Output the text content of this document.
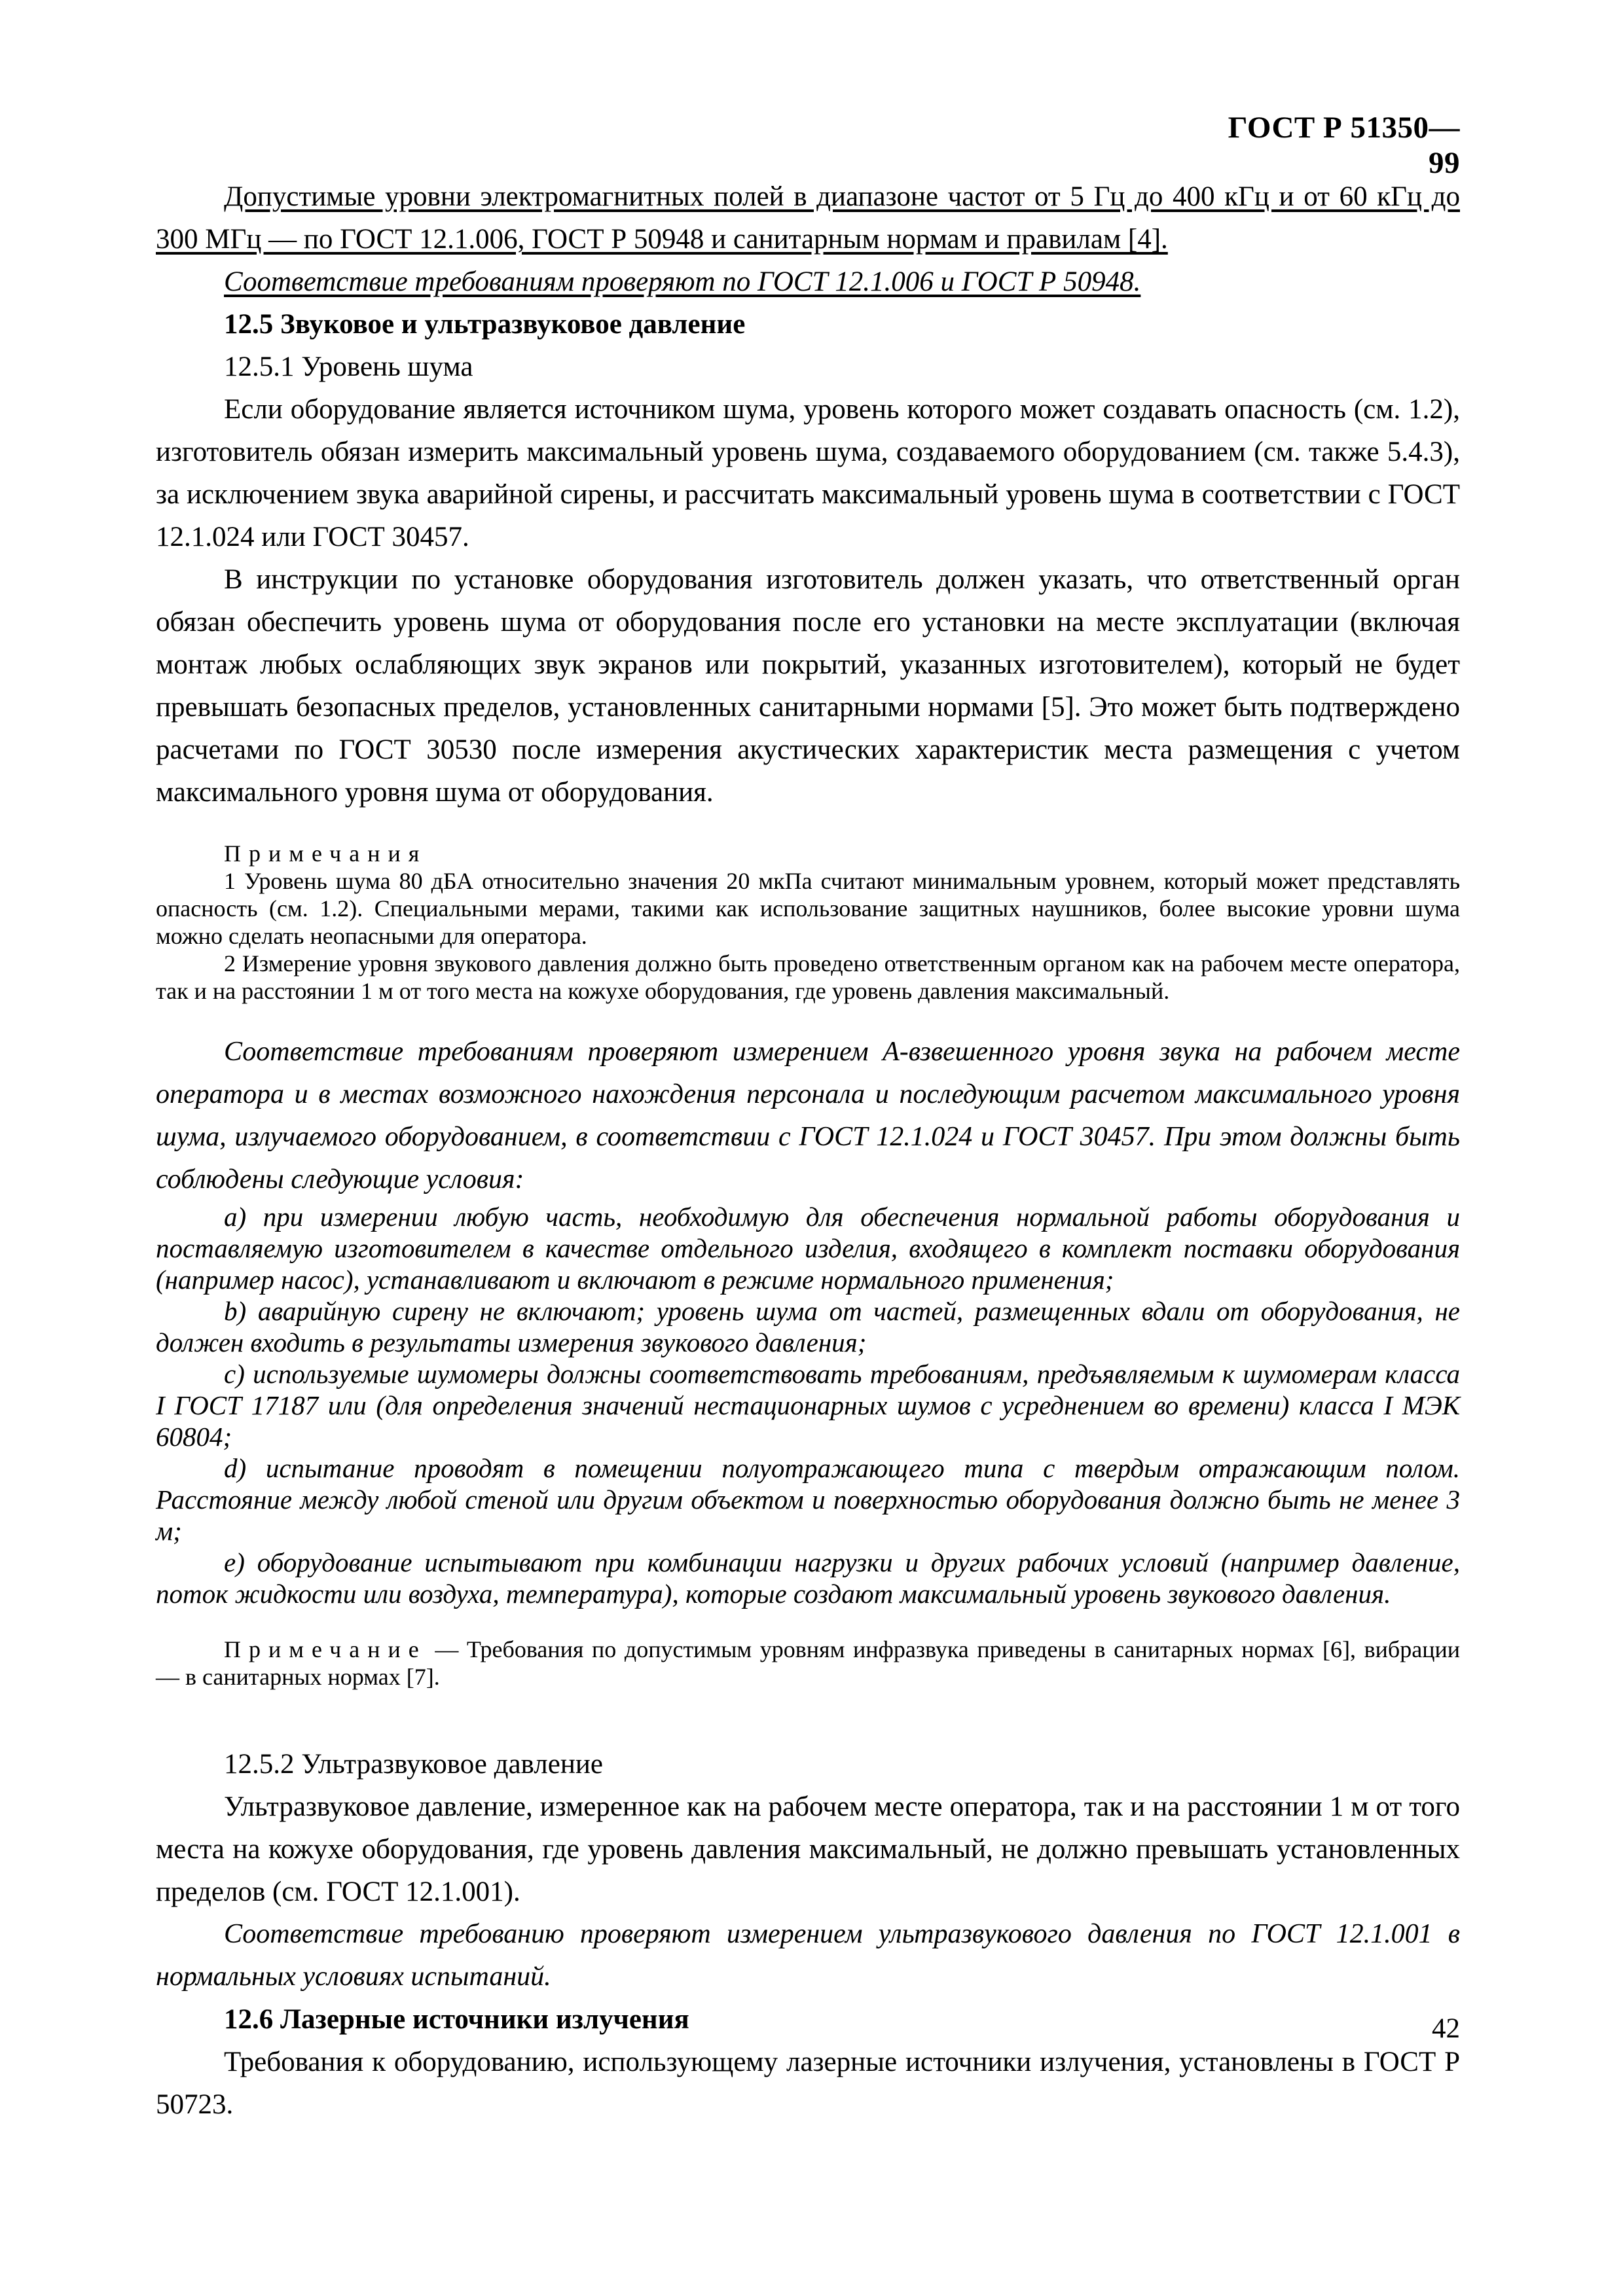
ГОСТ Р 51350—99

Допустимые уровни электромагнитных полей в диапазоне частот от 5 Гц до 400 кГц и от 60 кГц до 300 МГц — по ГОСТ 12.1.006, ГОСТ Р 50948 и санитарным нормам и правилам [4].

Соответствие требованиям проверяют по ГОСТ 12.1.006 и ГОСТ Р 50948.

12.5 Звуковое и ультразвуковое давление

12.5.1 Уровень шума

Если оборудование является источником шума, уровень которого может создавать опасность (см. 1.2), изготовитель обязан измерить максимальный уровень шума, создаваемого оборудованием (см. также 5.4.3), за исключением звука аварийной сирены, и рассчитать максимальный уровень шума в соответствии с ГОСТ 12.1.024 или ГОСТ 30457.

В инструкции по установке оборудования изготовитель должен указать, что ответственный орган обязан обеспечить уровень шума от оборудования после его установки на месте эксплуатации (включая монтаж любых ослабляющих звук экранов или покрытий, указанных изготовителем), который не будет превышать безопасных пределов, установленных санитарными нормами [5]. Это может быть подтверждено расчетами по ГОСТ 30530 после измерения акустических характеристик места размещения с учетом максимального уровня шума от оборудования.

Примечания

1 Уровень шума 80 дБА относительно значения 20 мкПа считают минимальным уровнем, который может представлять опасность (см. 1.2). Специальными мерами, такими как использование защитных наушников, более высокие уровни шума можно сделать неопасными для оператора.

2 Измерение уровня звукового давления должно быть проведено ответственным органом как на рабочем месте оператора, так и на расстоянии 1 м от того места на кожухе оборудования, где уровень давления максимальный.

Соответствие требованиям проверяют измерением А-взвешенного уровня звука на рабочем месте оператора и в местах возможного нахождения персонала и последующим расчетом максимального уровня шума, излучаемого оборудованием, в соответствии с ГОСТ 12.1.024 и ГОСТ 30457. При этом должны быть соблюдены следующие условия:

a) при измерении любую часть, необходимую для обеспечения нормальной работы оборудования и поставляемую изготовителем в качестве отдельного изделия, входящего в комплект поставки оборудования (например насос), устанавливают и включают в режиме нормального применения;

b) аварийную сирену не включают; уровень шума от частей, размещенных вдали от оборудования, не должен входить в результаты измерения звукового давления;

c) используемые шумомеры должны соответствовать требованиям, предъявляемым к шумомерам класса I ГОСТ 17187 или (для определения значений нестационарных шумов с усреднением во времени) класса I МЭК 60804;

d) испытание проводят в помещении полуотражающего типа с твердым отражающим полом. Расстояние между любой стеной или другим объектом и поверхностью оборудования должно быть не менее 3 м;

e) оборудование испытывают при комбинации нагрузки и других рабочих условий (например давление, поток жидкости или воздуха, температура), которые создают максимальный уровень звукового давления.

Примечание — Требования по допустимым уровням инфразвука приведены в санитарных нормах [6], вибрации — в санитарных нормах [7].

12.5.2 Ультразвуковое давление

Ультразвуковое давление, измеренное как на рабочем месте оператора, так и на расстоянии 1 м от того места на кожухе оборудования, где уровень давления максимальный, не должно превышать установленных пределов (см. ГОСТ 12.1.001).

Соответствие требованию проверяют измерением ультразвукового давления по ГОСТ 12.1.001 в нормальных условиях испытаний.

12.6 Лазерные источники излучения

Требования к оборудованию, использующему лазерные источники излучения, установлены в ГОСТ Р 50723.

42
